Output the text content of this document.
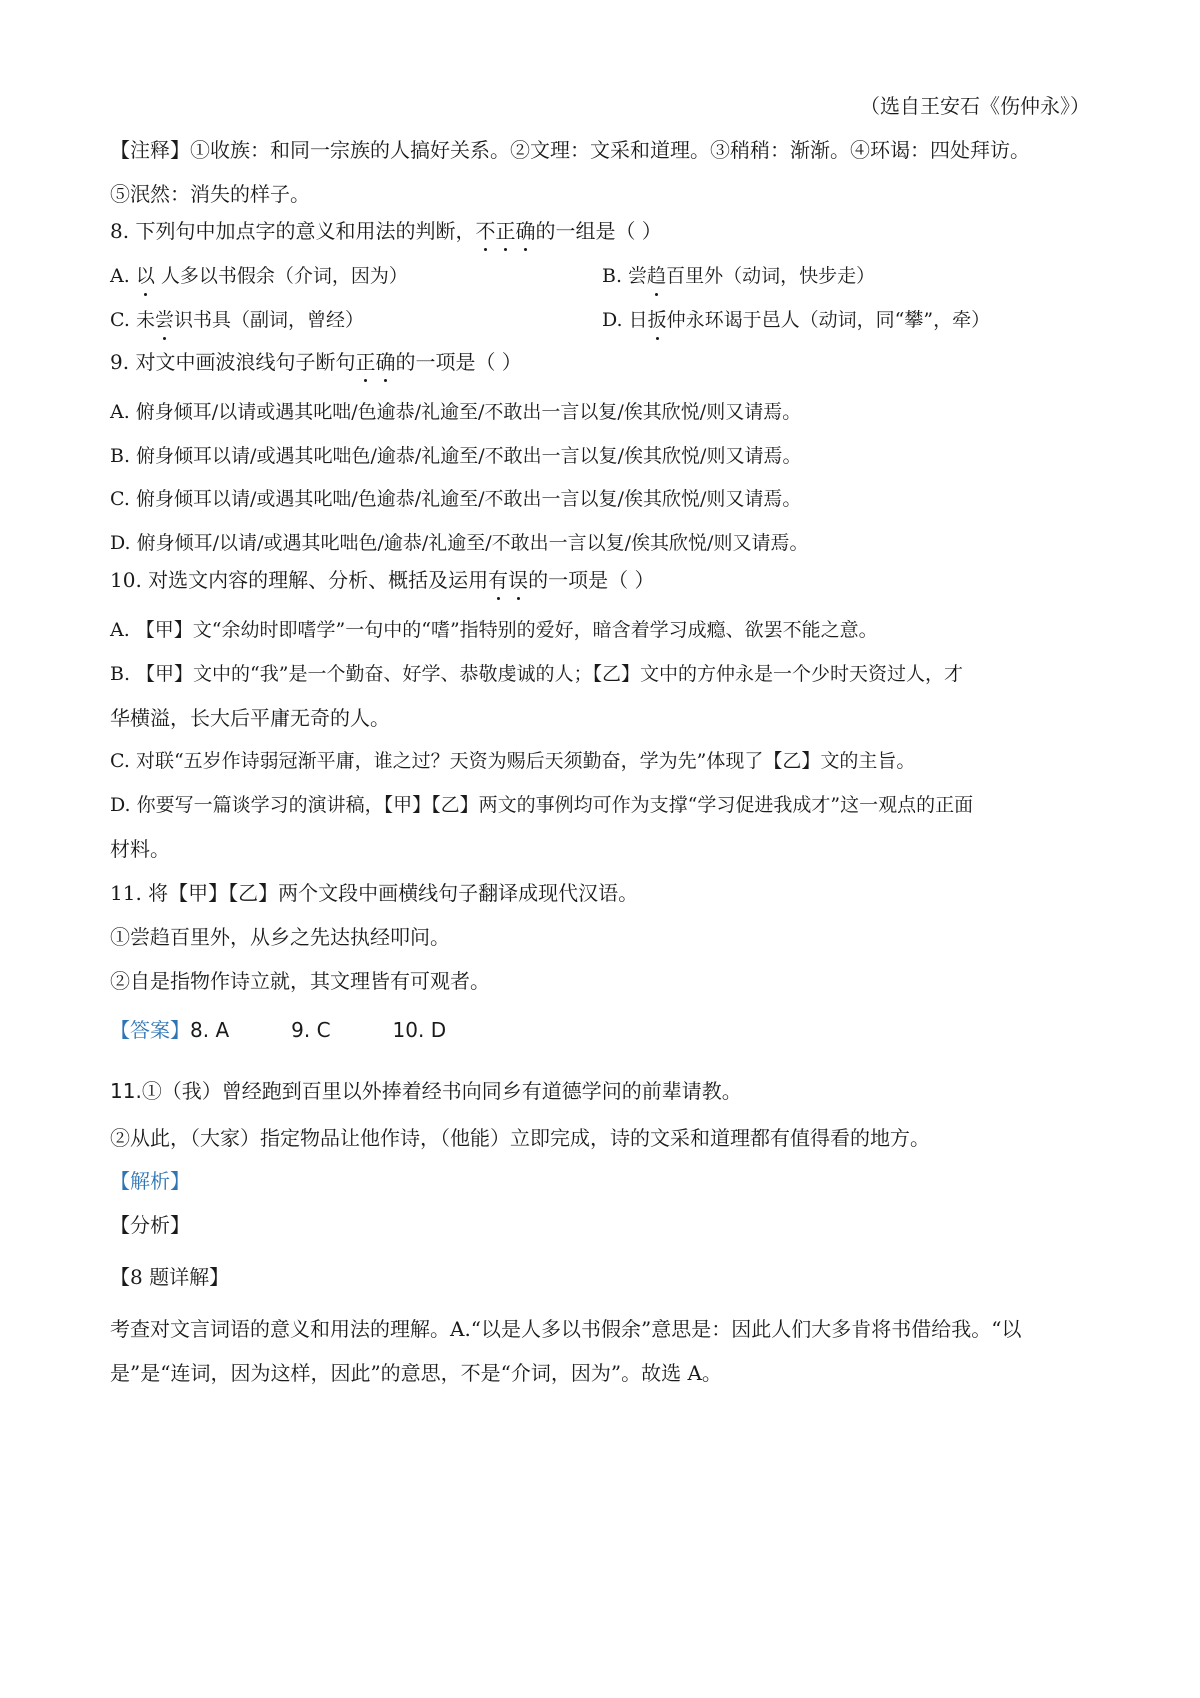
（选自王安石《伤仲永》）
【注释】①收族：和同一宗族的人搞好关系。②文理：文采和道理。③稍稍：渐渐。④环谒：四处拜访。
⑤泯然：消失的样子。
8. 下列句中加点字的意义和用法的判断，不正确的一组是（ ）
A. 以 人多以书假余（介词，因为）	B. 尝趋百里外（动词，快步走）
C. 未尝识书具（副词，曾经）	D. 日扳仲永环谒于邑人（动词，同“攀”，牵）
9. 对文中画波浪线句子断句正确的一项是（ ）
A. 俯身倾耳/以请或遇其叱咄/色逾恭/礼逾至/不敢出一言以复/俟其欣悦/则又请焉。
B. 俯身倾耳以请/或遇其叱咄色/逾恭/礼逾至/不敢出一言以复/俟其欣悦/则又请焉。
C. 俯身倾耳以请/或遇其叱咄/色逾恭/礼逾至/不敢出一言以复/俟其欣悦/则又请焉。
D. 俯身倾耳/以请/或遇其叱咄色/逾恭/礼逾至/不敢出一言以复/俟其欣悦/则又请焉。
10. 对选文内容的理解、分析、概括及运用有误的一项是（ ）
A. 【甲】文“余幼时即嗜学”一句中的“嗜”指特别的爱好，暗含着学习成瘾、欲罢不能之意。
B. 【甲】文中的“我”是一个勤奋、好学、恭敬虔诚的人；【乙】文中的方仲永是一个少时天资过人，才
华横溢，长大后平庸无奇的人。
C. 对联“五岁作诗弱冠渐平庸，谁之过？天资为赐后天须勤奋，学为先”体现了【乙】文的主旨。
D. 你要写一篇谈学习的演讲稿，【甲】【乙】两文的事例均可作为支撑“学习促进我成才”这一观点的正面
材料。
11. 将【甲】【乙】两个文段中画横线句子翻译成现代汉语。
①尝趋百里外，从乡之先达执经叩问。
②自是指物作诗立就，其文理皆有可观者。
【答案】8. A	9. C	10. D
11.①（我）曾经跑到百里以外捧着经书向同乡有道德学问的前辈请教。
②从此，（大家）指定物品让他作诗，（他能）立即完成，诗的文采和道理都有值得看的地方。
【解析】
【分析】
【8 题详解】
考查对文言词语的意义和用法的理解。A.“以是人多以书假余”意思是：因此人们大多肯将书借给我。“以
是”是“连词，因为这样，因此”的意思，不是“介词，因为”。故选 A。
